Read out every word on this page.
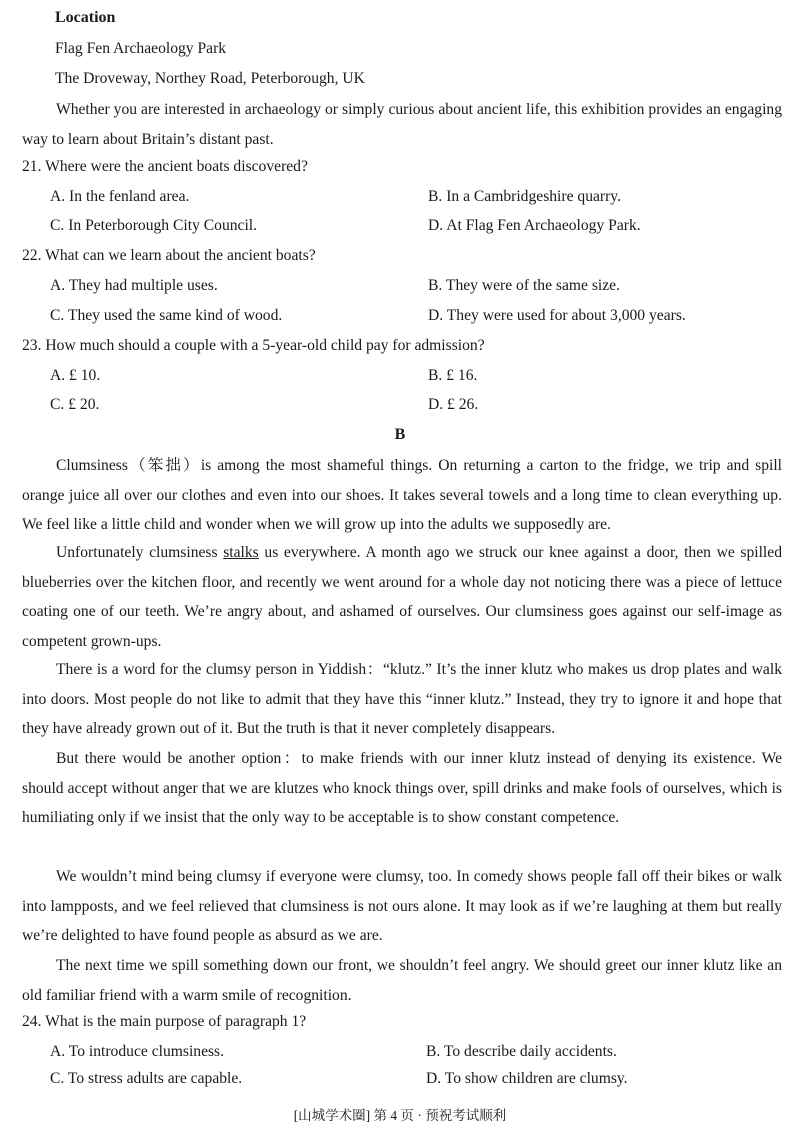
Location
Flag Fen Archaeology Park
The Droveway, Northey Road, Peterborough, UK
Whether you are interested in archaeology or simply curious about ancient life, this exhibition provides an engaging way to learn about Britain’s distant past.
21. Where were the ancient boats discovered?
A. In the fenland area.	B. In a Cambridgeshire quarry.
C. In Peterborough City Council.	D. At Flag Fen Archaeology Park.
22. What can we learn about the ancient boats?
A. They had multiple uses.	B. They were of the same size.
C. They used the same kind of wood.	D. They were used for about 3,000 years.
23. How much should a couple with a 5-year-old child pay for admission?
A. £ 10.	B. £ 16.
C. £ 20.	D. £ 26.
B
Clumsiness（笨拙）is among the most shameful things. On returning a carton to the fridge, we trip and spill orange juice all over our clothes and even into our shoes. It takes several towels and a long time to clean everything up. We feel like a little child and wonder when we will grow up into the adults we supposedly are.
Unfortunately clumsiness stalks us everywhere. A month ago we struck our knee against a door, then we spilled blueberries over the kitchen floor, and recently we went around for a whole day not noticing there was a piece of lettuce coating one of our teeth. We’re angry about, and ashamed of ourselves. Our clumsiness goes against our self-image as competent grown-ups.
There is a word for the clumsy person in Yiddish：“klutz.” It’s the inner klutz who makes us drop plates and walk into doors. Most people do not like to admit that they have this “inner klutz.” Instead, they try to ignore it and hope that they have already grown out of it. But the truth is that it never completely disappears.
But there would be another option：to make friends with our inner klutz instead of denying its existence. We should accept without anger that we are klutzes who knock things over, spill drinks and make fools of ourselves, which is humiliating only if we insist that the only way to be acceptable is to show constant competence.
We wouldn’t mind being clumsy if everyone were clumsy, too. In comedy shows people fall off their bikes or walk into lampposts, and we feel relieved that clumsiness is not ours alone. It may look as if we’re laughing at them but really we’re delighted to have found people as absurd as we are.
The next time we spill something down our front, we shouldn’t feel angry. We should greet our inner klutz like an old familiar friend with a warm smile of recognition.
24. What is the main purpose of paragraph 1?
A. To introduce clumsiness.	B. To describe daily accidents.
C. To stress adults are capable.	D. To show children are clumsy.
[山城学术圈] 第 4 页 · 预祝考试顺利
